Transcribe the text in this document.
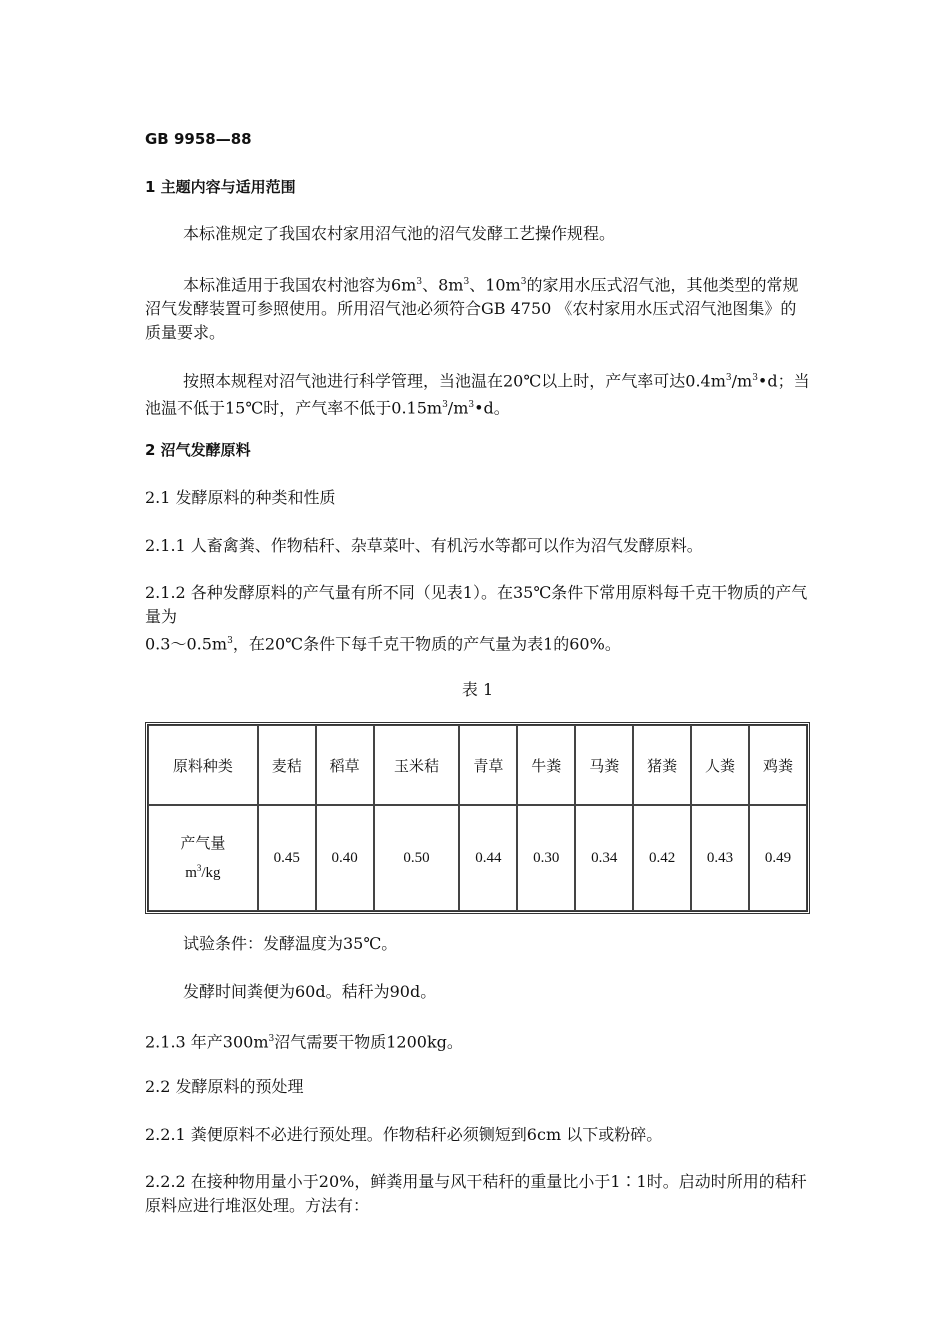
GB 9958—88

1 主题内容与适用范围

本标准规定了我国农村家用沼气池的沼气发酵工艺操作规程。

本标准适用于我国农村池容为$6m^3$、$8m^3$、$10m^3$的家用水压式沼气池，其他类型的常规沼气发酵装置可参照使用。所用沼气池必须符合GB 4750 《农村家用水压式沼气池图集》的质量要求。

按照本规程对沼气池进行科学管理，当池温在20℃以上时，产气率可达$0.4m^3/m^3•d$；当池温不低于15℃时，产气率不低于$0.15m^3/m^3•d$。

2 沼气发酵原料

2.1 发酵原料的种类和性质

2.1.1 人畜禽粪、作物秸秆、杂草菜叶、有机污水等都可以作为沼气发酵原料。

2.1.2 各种发酵原料的产气量有所不同（见表1）。在35℃条件下常用原料每千克干物质的产气量为
$0.3\sim 0.5m^3$，在20℃条件下每千克干物质的产气量为表1的60%。

表 1
原料种类	麦秸	稻草	玉米秸	青草	牛粪	马粪	猪粪	人粪	鸡粪
产气量
$m^3/kg$	0.45	0.40	0.50	0.44	0.30	0.34	0.42	0.43	0.49

试验条件：发酵温度为35℃。

发酵时间粪便为60d。秸秆为90d。

2.1.3 年产$300m^3$沼气需要干物质1200kg。

2.2 发酵原料的预处理

2.2.1 粪便原料不必进行预处理。作物秸秆必须铡短到6cm 以下或粉碎。

2.2.2 在接种物用量小于20%，鲜粪用量与风干秸秆的重量比小于1∶1时。启动时所用的秸秆原料应进行堆沤处理。方法有：
